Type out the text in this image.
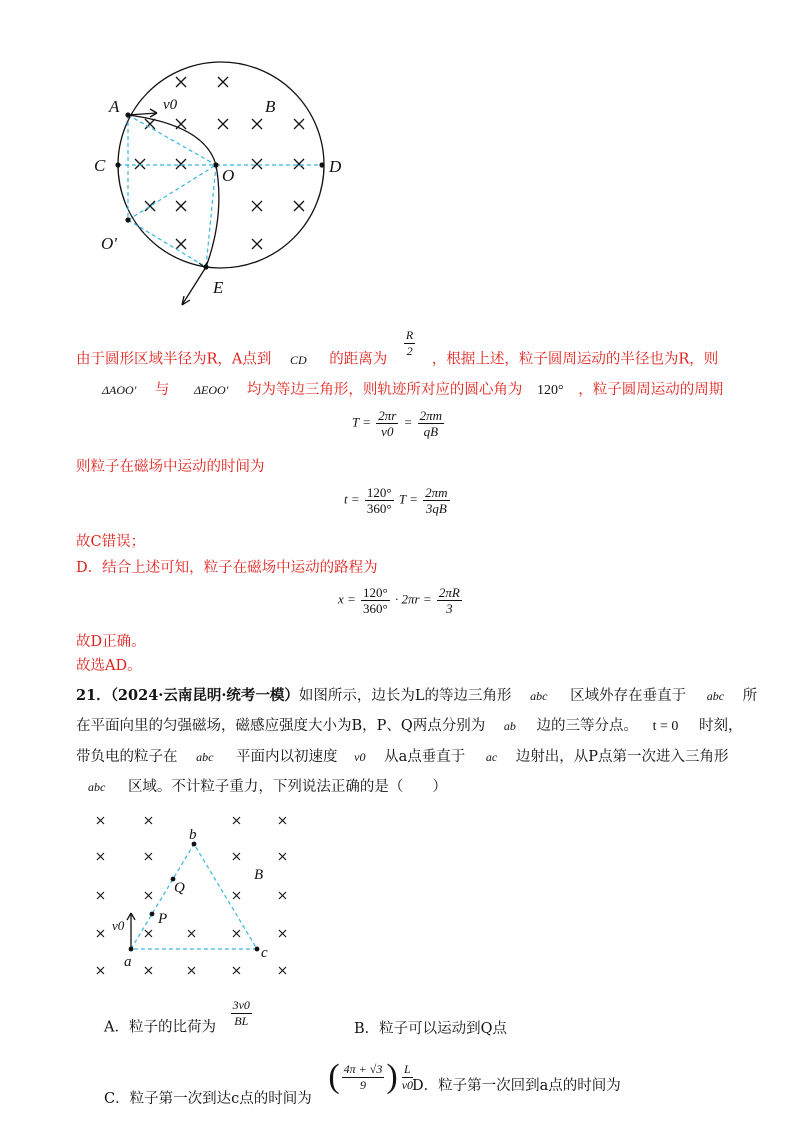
A	B
C	D
O
O'
E
v0
由于圆形区域半径为R，A点到 CD 的距离为
$\frac{R}{2}$
，根据上述，粒子圆周运动的半径也为R，则
ΔAOO' 与 ΔEOO' 均为等边三角形，则轨迹所对应的圆心角为 120° ，粒子圆周运动的周期
$T = \frac{2\pi r}{v0} = \frac{2\pi m}{qB}$
则粒子在磁场中运动的时间为
$t = \frac{120^\circ}{360^\circ}$ $T = \frac{2\pi m}{3qB}$
故C错误；
D．结合上述可知，粒子在磁场中运动的路程为
$x = \frac{120^\circ}{360^\circ} \cdot 2\pi r = \frac{2\pi R}{3}$
故D正确。
故选AD。
21．（2024·云南昆明·统考一模）如图所示，边长为L的等边三角形 abc 区域外存在垂直于 abc 所
在平面向里的匀强磁场，磁感应强度大小为B，P、Q两点分别为 ab 边的三等分点。 t = 0 时刻，
带负电的粒子在 abc 平面内以初速度 v0 从a点垂直于 ac 边射出，从P点第一次进入三角形
abc 区域。不计粒子重力，下列说法正确的是（　　）
a
c
b
P
Q
B
v0
A．粒子的比荷为 $\frac{3v0}{BL}$	B．粒子可以运动到Q点
C．粒子第一次到达c点的时间为
( $\frac{4\pi + √3}{9}$ ) $\frac{L}{v0}$
D．粒子第一次回到a点的时间为
